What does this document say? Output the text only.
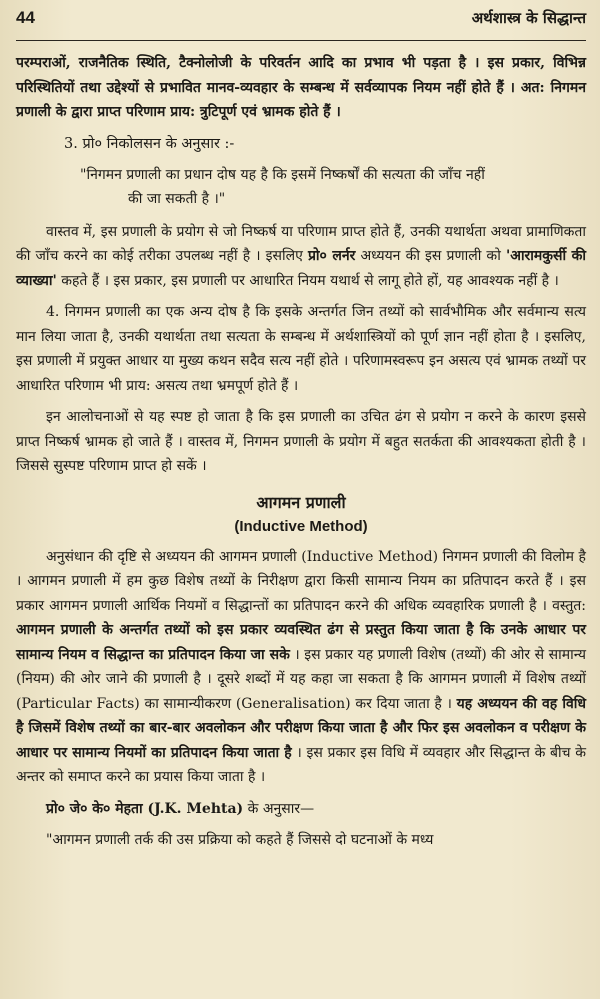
44	अर्थशास्त्र के सिद्धान्त

परम्पराओं, राजनैतिक स्थिति, टैक्नोलोजी के परिवर्तन आदि का प्रभाव भी पड़ता है । इस प्रकार, विभिन्न परिस्थितियों तथा उद्देश्यों से प्रभावित मानव-व्यवहार के सम्बन्ध में सर्वव्यापक नियम नहीं होते हैं । अत: निगमन प्रणाली के द्वारा प्राप्त परिणाम प्राय: त्रुटिपूर्ण एवं भ्रामक होते हैं ।

3. प्रो० निकोलसन के अनुसार :-

"निगमन प्रणाली का प्रधान दोष यह है कि इसमें निष्कर्षों की सत्यता की जाँच नहीं
की जा सकती है ।"

वास्तव में, इस प्रणाली के प्रयोग से जो निष्कर्ष या परिणाम प्राप्त होते हैं, उनकी यथार्थता अथवा प्रामाणिकता की जाँच करने का कोई तरीका उपलब्ध नहीं है । इसलिए प्रो० लर्नर अध्ययन की इस प्रणाली को 'आरामकुर्सी की व्याख्या' कहते हैं । इस प्रकार, इस प्रणाली पर आधारित नियम यथार्थ से लागू होते हों, यह आवश्यक नहीं है ।

4. निगमन प्रणाली का एक अन्य दोष है कि इसके अन्तर्गत जिन तथ्यों को सार्वभौमिक और सर्वमान्य सत्य मान लिया जाता है, उनकी यथार्थता तथा सत्यता के सम्बन्ध में अर्थशास्त्रियों को पूर्ण ज्ञान नहीं होता है । इसलिए, इस प्रणाली में प्रयुक्त आधार या मुख्य कथन सदैव सत्य नहीं होते । परिणामस्वरूप इन असत्य एवं भ्रामक तथ्यों पर आधारित परिणाम भी प्राय: असत्य तथा भ्रमपूर्ण होते हैं ।

इन आलोचनाओं से यह स्पष्ट हो जाता है कि इस प्रणाली का उचित ढंग से प्रयोग न करने के कारण इससे प्राप्त निष्कर्ष भ्रामक हो जाते हैं । वास्तव में, निगमन प्रणाली के प्रयोग में बहुत सतर्कता की आवश्यकता होती है । जिससे सुस्पष्ट परिणाम प्राप्त हो सकें ।

आगमन प्रणाली
(Inductive Method)

अनुसंधान की दृष्टि से अध्ययन की आगमन प्रणाली (Inductive Method) निगमन प्रणाली की विलोम है । आगमन प्रणाली में हम कुछ विशेष तथ्यों के निरीक्षण द्वारा किसी सामान्य नियम का प्रतिपादन करते हैं । इस प्रकार आगमन प्रणाली आर्थिक नियमों व सिद्धान्तों का प्रतिपादन करने की अधिक व्यवहारिक प्रणाली है । वस्तुत: आगमन प्रणाली के अन्तर्गत तथ्यों को इस प्रकार व्यवस्थित ढंग से प्रस्तुत किया जाता है कि उनके आधार पर सामान्य नियम व सिद्धान्त का प्रतिपादन किया जा सके । इस प्रकार यह प्रणाली विशेष (तथ्यों) की ओर से सामान्य (नियम) की ओर जाने की प्रणाली है । दूसरे शब्दों में यह कहा जा सकता है कि आगमन प्रणाली में विशेष तथ्यों (Particular Facts) का सामान्यीकरण (Generalisation) कर दिया जाता है । यह अध्ययन की वह विधि है जिसमें विशेष तथ्यों का बार-बार अवलोकन और परीक्षण किया जाता है और फिर इस अवलोकन व परीक्षण के आधार पर सामान्य नियमों का प्रतिपादन किया जाता है । इस प्रकार इस विधि में व्यवहार और सिद्धान्त के बीच के अन्तर को समाप्त करने का प्रयास किया जाता है ।

प्रो० जे० के० मेहता (J.K. Mehta) के अनुसार—

"आगमन प्रणाली तर्क की उस प्रक्रिया को कहते हैं जिससे दो घटनाओं के मध्य
